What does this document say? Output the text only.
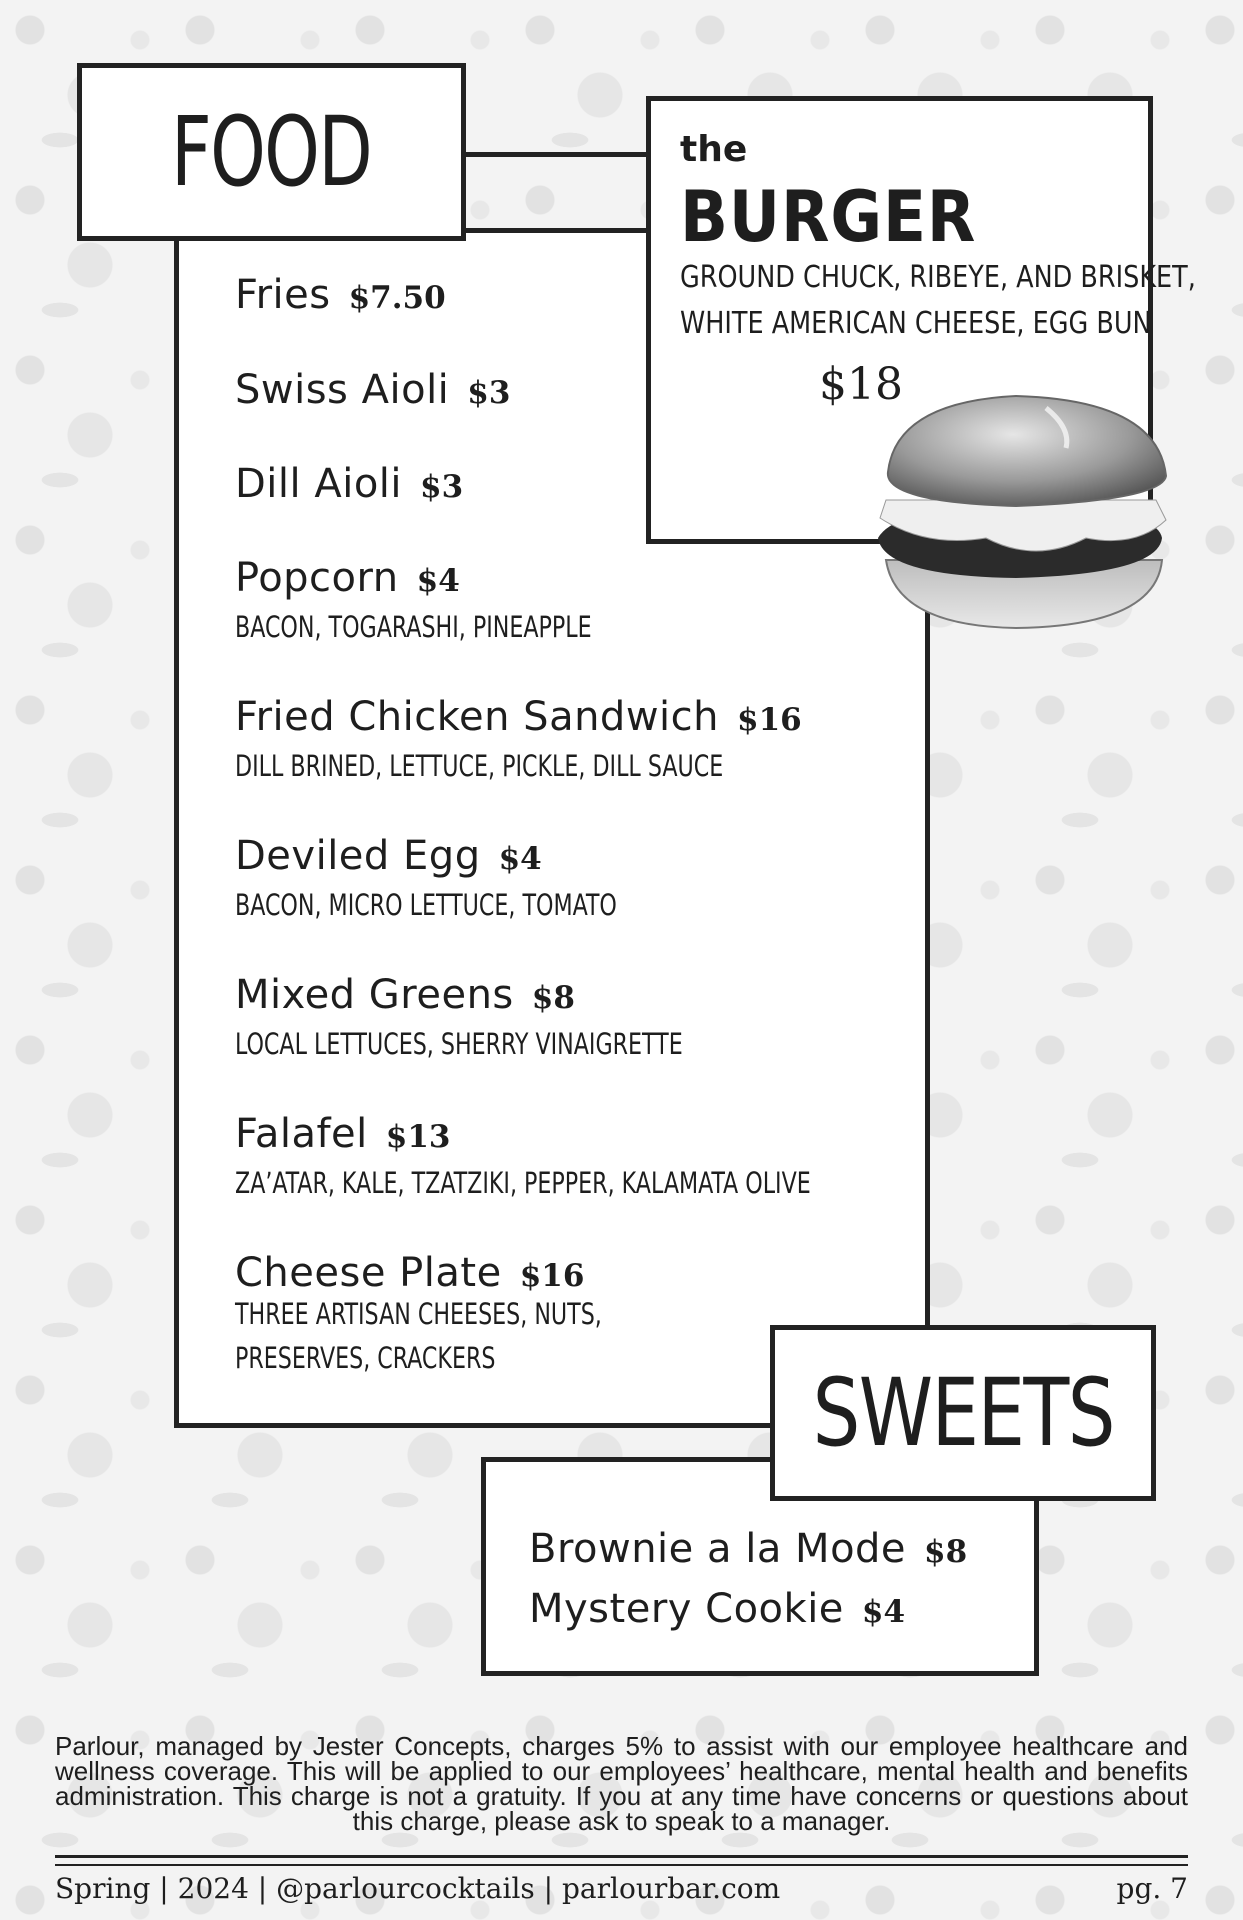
FOOD
Fries $7.50
Swiss Aioli $3
Dill Aioli $3
Popcorn $4
BACON, TOGARASHI, PINEAPPLE
Fried Chicken Sandwich $16
DILL BRINED, LETTUCE, PICKLE, DILL SAUCE
Deviled Egg $4
BACON, MICRO LETTUCE, TOMATO
Mixed Greens $8
LOCAL LETTUCES, SHERRY VINAIGRETTE
Falafel $13
ZA’ATAR, KALE, TZATZIKI, PEPPER, KALAMATA OLIVE
Cheese Plate $16
THREE ARTISAN CHEESES, NUTS,
PRESERVES, CRACKERS
the
BURGER
GROUND CHUCK, RIBEYE, AND BRISKET,
WHITE AMERICAN CHEESE, EGG BUN
$18
Brownie a la Mode $8
Mystery Cookie $4
SWEETS
Parlour, managed by Jester Concepts, charges 5% to assist with our employee healthcare and wellness coverage. This will be applied to our employees’ healthcare, mental health and benefits administration. This charge is not a gratuity. If you at any time have concerns or questions about this charge, please ask to speak to a manager.
Spring | 2024 | @parlourcocktails | parlourbar.com	pg. 7
